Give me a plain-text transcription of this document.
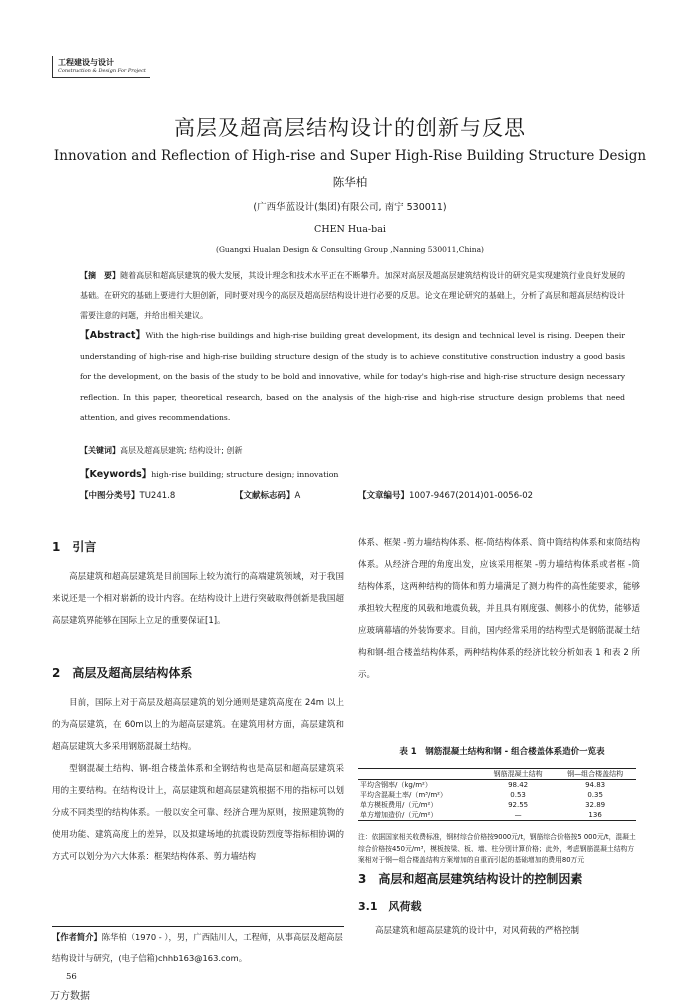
工程建设与设计
Construction & Design For Project
高层及超高层结构设计的创新与反思
Innovation and Reflection of High-rise and Super High-Rise Building Structure Design
陈华柏
(广西华蓝设计(集团)有限公司, 南宁 530011)
CHEN Hua-bai
(Guangxi Hualan Design & Consulting Group ,Nanning 530011,China)
【摘　要】随着高层和超高层建筑的极大发展，其设计理念和技术水平正在不断攀升。加深对高层及超高层建筑结构设计的研究是实现建筑行业良好发展的基础。在研究的基础上要进行大胆创新，同时要对现今的高层及超高层结构设计进行必要的反思。论文在理论研究的基础上，分析了高层和超高层结构设计需要注意的问题，并给出相关建议。
【Abstract】With the high-rise buildings and high-rise building great development, its design and technical level is rising. Deepen their understanding of high-rise and high-rise building structure design of the study is to achieve constitutive construction industry a good basis for the development, on the basis of the study to be bold and innovative, while for today's high-rise and high-rise structure design necessary reflection. In this paper, theoretical research, based on the analysis of the high-rise and high-rise structure design problems that need attention, and gives recommendations.
【关键词】高层及超高层建筑; 结构设计; 创新
【Keywords】high-rise building; structure design; innovation
【中图分类号】TU241.8	【文献标志码】A	【文章编号】1007-9467(2014)01-0056-02
1　引言
高层建筑和超高层建筑是目前国际上较为流行的高端建筑领域，对于我国来说还是一个相对崭新的设计内容。在结构设计上进行突破取得创新是我国超高层建筑界能够在国际上立足的重要保证[1]。
2　高层及超高层结构体系
目前，国际上对于高层及超高层建筑的划分通则是建筑高度在 24m 以上的为高层建筑，在 60m以上的为超高层建筑。在建筑用材方面，高层建筑和超高层建筑大多采用钢筋混凝土结构。
型钢混凝土结构、钢-组合楼盖体系和全钢结构也是高层和超高层建筑采用的主要结构。在结构设计上，高层建筑和超高层建筑根据不用的指标可以划分成不同类型的结构体系。一般以安全可靠、经济合理为原则，按照建筑物的使用功能、建筑高度上的差异，以及拟建场地的抗震设防烈度等指标相协调的方式可以划分为六大体系：框架结构体系、剪力墙结构
体系、框架 -剪力墙结构体系、框-筒结构体系、筒中筒结构体系和束筒结构体系。从经济合理的角度出发，应该采用框架 -剪力墙结构体系或者框 -筒结构体系，这两种结构的筒体和剪力墙满足了测力构件的高性能要求，能够承担较大程度的风载和地震负载，并且具有刚度强、侧移小的优势，能够适应玻璃幕墙的外装饰要求。目前，国内经常采用的结构型式是钢筋混凝土结构和钢-组合楼盖结构体系，两种结构体系的经济比较分析如表 1 和表 2 所示。
表 1　钢筋混凝土结构和钢 - 组合楼盖体系造价一览表
	钢筋混凝土结构	钢—组合楼盖结构
平均含钢率/（kg/m²）	98.42	94.83
平均含混凝土率/（m³/m²）	0.53	0.35
单方模板费用/（元/m²）	92.55	32.89
单方增加造价/（元/m²）	—	136
注：依据国家相关收费标准，钢材综合价格按9000元/t，钢筋综合价格按5 000元/t，混凝土综合价格按450元/m³，模板按梁、板、墙、柱分别计算价格；此外，考虑钢筋混凝土结构方案相对于钢—组合楼盖结构方案增加的自重而引起的基础增加的费用80万元
3　高层和超高层建筑结构设计的控制因素
3.1　风荷载
高层建筑和超高层建筑的设计中，对风荷载的严格控制
【作者简介】陈华柏（1970 - ），男，广西陆川人，工程师，从事高层及超高层结构设计与研究，(电子信箱)chhb163@163.com。
56
万方数据
